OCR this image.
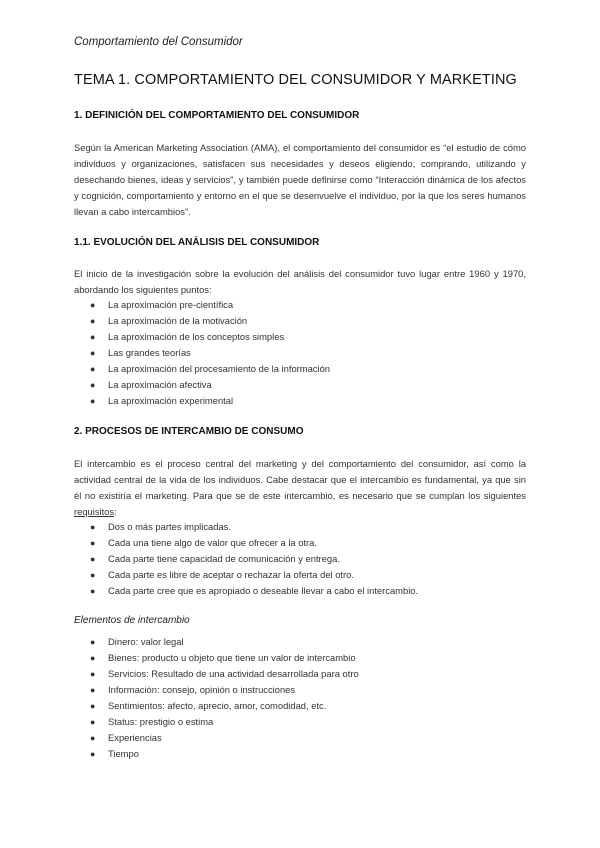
Comportamiento del Consumidor
TEMA 1. COMPORTAMIENTO DEL CONSUMIDOR Y MARKETING
1. DEFINICIÓN DEL COMPORTAMIENTO DEL CONSUMIDOR

Según la American Marketing Association (AMA), el comportamiento del consumidor es “el estudio de cómo individuos y organizaciones, satisfacen sus necesidades y deseos eligiendo, comprando, utilizando y desechando bienes, ideas y servicios”, y también puede definirse como “Interacción dinámica de los afectos y cognición, comportamiento y entorno en el que se desenvuelve el individuo, por la que los seres humanos llevan a cabo intercambios”.

1.1. EVOLUCIÓN DEL ANÁLISIS DEL CONSUMIDOR

El inicio de la investigación sobre la evolución del análisis del consumidor tuvo lugar entre 1960 y 1970, abordando los siguientes puntos:

● La aproximación pre-científica
● La aproximación de la motivación
● La aproximación de los conceptos simples
● Las grandes teorías
● La aproximación del procesamiento de la información
● La aproximación afectiva
● La aproximación experimental
2. PROCESOS DE INTERCAMBIO DE CONSUMO

El intercambio es el proceso central del marketing y del comportamiento del consumidor, así como la actividad central de la vida de los individuos. Cabe destacar que el intercambio es fundamental, ya que sin él no existiría el marketing. Para que se de este intercambio, es necesario que se cumplan los siguientes requisitos:

● Dos o más partes implicadas.
● Cada una tiene algo de valor que ofrecer a la otra.
● Cada parte tiene capacidad de comunicación y entrega.
● Cada parte es libre de aceptar o rechazar la oferta del otro.
● Cada parte cree que es apropiado o deseable llevar a cabo el intercambio.
Elementos de intercambio
● Dinero: valor legal
● Bienes: producto u objeto que tiene un valor de intercambio
● Servicios: Resultado de una actividad desarrollada para otro
● Información: consejo, opinión o instrucciones
● Sentimientos: afecto, aprecio, amor, comodidad, etc.
● Status: prestigio o estima
● Experiencias
● Tiempo
